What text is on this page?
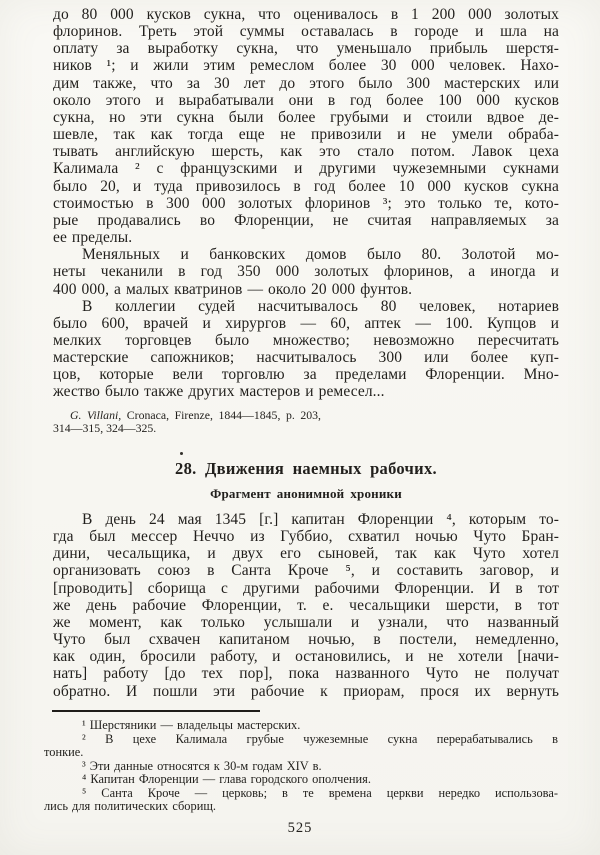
до 80 000 кусков сукна, что оценивалось в 1 200 000 золотых
флоринов. Треть этой суммы оставалась в городе и шла на
оплату за выработку сукна, что уменьшало прибыль шерстя-
ников ¹; и жили этим ремеслом более 30 000 человек. Нахо-
дим также, что за 30 лет до этого было 300 мастерских или
около этого и вырабатывали они в год более 100 000 кусков
сукна, но эти сукна были более грубыми и стоили вдвое де-
шевле, так как тогда еще не привозили и не умели обраба-
тывать английскую шерсть, как это стало потом. Лавок цеха
Калимала ² с французскими и другими чужеземными сукнами
было 20, и туда привозилось в год более 10 000 кусков сукна
стоимостью в 300 000 золотых флоринов ³; это только те, кото-
рые продавались во Флоренции, не считая направляемых за
ее пределы.
Меняльных и банковских домов было 80. Золотой мо-
неты чеканили в год 350 000 золотых флоринов, а иногда и
400 000, а малых кватринов — около 20 000 фунтов.
В коллегии судей насчитывалось 80 человек, нотариев
было 600, врачей и хирургов — 60, аптек — 100. Купцов и
мелких торговцев было множество; невозможно пересчитать
мастерские сапожников; насчитывалось 300 или более куп-
цов, которые вели торговлю за пределами Флоренции. Мно-
жество было также других мастеров и ремесел...
G. Villani, Cronaca, Firenze, 1844—1845, p. 203,
314—315, 324—325.
28. Движения наемных рабочих.
Фрагмент анонимной хроники
В день 24 мая 1345 [г.] капитан Флоренции ⁴, которым то-
гда был мессер Неччо из Губбио, схватил ночью Чуто Бран-
дини, чесальщика, и двух его сыновей, так как Чуто хотел
организовать союз в Санта Кроче ⁵, и составить заговор, и
[проводить] сборища с другими рабочими Флоренции. И в тот
же день рабочие Флоренции, т. е. чесальщики шерсти, в тот
же момент, как только услышали и узнали, что названный
Чуто был схвачен капитаном ночью, в постели, немедленно,
как один, бросили работу, и остановились, и не хотели [начи-
нать] работу [до тех пор], пока названного Чуто не получат
обратно. И пошли эти рабочие к приорам, прося их вернуть
¹ Шерстяники — владельцы мастерских.
² В цехе Калимала грубые чужеземные сукна перерабатывались в
тонкие.
³ Эти данные относятся к 30-м годам XIV в.
⁴ Капитан Флоренции — глава городского ополчения.
⁵ Санта Кроче — церковь; в те времена церкви нередко использова-
лись для политических сборищ.
525
